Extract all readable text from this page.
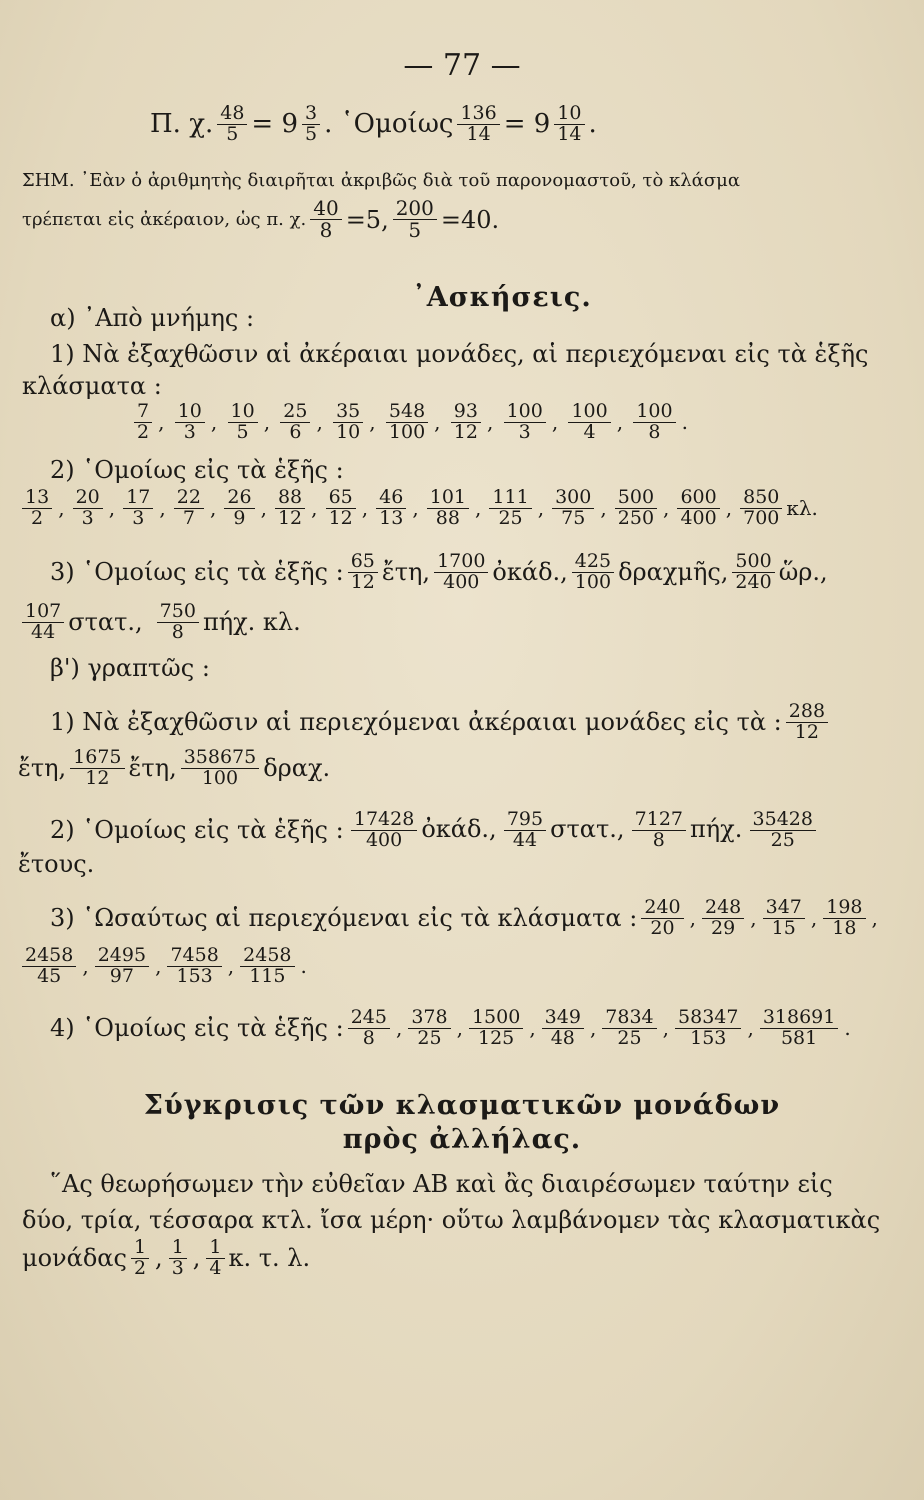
— 77 —
Π. χ. $\frac{48}{5} = 9 \frac{3}{5}$ . ῾Ομοίως $\frac{136}{14} = 9 \frac{10}{14}$ .
ΣΗΜ. ᾿Εὰν ὁ ἀριθμητὴς διαιρῆται ἀκριβῶς διὰ τοῦ παρονομαστοῦ, τὸ κλάσμα
τρέπεται εἰς ἀκέραιον, ὡς π. χ. $\frac{40}{8} =5$, $\frac{200}{5} =40$.
᾿Ασκήσεις.
α) ᾿Απὸ μνήμης :
1) Νὰ ἐξαχθῶσιν αἱ ἀκέραιαι μονάδες, αἱ περιεχόμεναι εἰς τὰ ἑξῆς
κλάσματα :
$\frac{7}{2}$ , $\frac{10}{3}$ , $\frac{10}{5}$ , $\frac{25}{6}$ , $\frac{35}{10}$ , $\frac{548}{100}$ , $\frac{93}{12}$ , $\frac{100}{3}$ , $\frac{100}{4}$ , $\frac{100}{8}$ .
2) ῾Ομοίως εἰς τὰ ἑξῆς :
$\frac{13}{2}$ , $\frac{20}{3}$ , $\frac{17}{3}$ , $\frac{22}{7}$ , $\frac{26}{9}$ , $\frac{88}{12}$ , $\frac{65}{12}$ , $\frac{46}{13}$ , $\frac{101}{88}$ , $\frac{111}{25}$ , $\frac{300}{75}$ , $\frac{500}{250}$ , $\frac{600}{400}$ , $\frac{850}{700} \kappa\lambda$.
3) ῾Ομοίως εἰς τὰ ἑξῆς : $\frac{65}{12}$ ἔτη, $\frac{1700}{400}$ ὀκάδ., $\frac{425}{100}$ δραχμῆς, $\frac{500}{240}$ ὥρ.,
$\frac{107}{44} \sigma\tau\alpha\tau$., $\frac{750}{8} \pi ή\chi$. κλ.
β') γραπτῶς :
1) Νὰ ἐξαχθῶσιν αἱ περιεχόμεναι ἀκέραιαι μονάδες εἰς τὰ : $\frac{288}{12}$
ἔτη, $\frac{1675}{12}$ ἔτη, $\frac{358675}{100} \delta\rho\alpha\chi$.
2) ῾Ομοίως εἰς τὰ ἑξῆς : $\frac{17428}{400}$ ὀκάδ., $\frac{795}{44} \sigma\tau\alpha\tau$., $\frac{7127}{8} \pi ή\chi$. $\frac{35428}{25}$
ἔτους.
3) ῾Ωσαύτως αἱ περιεχόμεναι εἰς τὰ κλάσματα : $\frac{240}{20}$ , $\frac{248}{29}$ , $\frac{347}{15}$ , $\frac{198}{18}$ ,
$\frac{2458}{45}$ , $\frac{2495}{97}$ , $\frac{7458}{153}$ , $\frac{2458}{115}$ .
4) ῾Ομοίως εἰς τὰ ἑξῆς : $\frac{245}{8}$ , $\frac{378}{25}$ , $\frac{1500}{125}$ , $\frac{349}{48}$ , $\frac{7834}{25}$ , $\frac{58347}{153}$ , $\frac{318691}{581}$ .
Σύγκρισις τῶν κλασματικῶν μονάδων
πρὸς ἀλλήλας.
῞Ας θεωρήσωμεν τὴν εὐθεῖαν ΑΒ καὶ ἂς διαιρέσωμεν ταύτην εἰς
δύο, τρία, τέσσαρα κτλ. ἴσα μέρη· οὕτω λαμβάνομεν τὰς κλασματικὰς
μονάδας $\frac{1}{2}$ , $\frac{1}{3}$ , $\frac{1}{4} \kappa$. τ. λ.
